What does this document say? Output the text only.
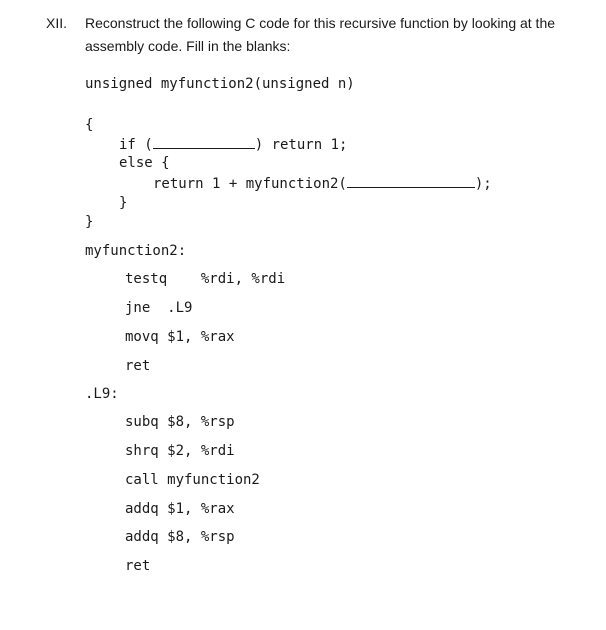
XII. Reconstruct the following C code for this recursive function by looking at the
assembly code. Fill in the blanks:
unsigned myfunction2(unsigned n)
{
if (	) return 1;
else {
return 1 + myfunction2(	);
}
}
myfunction2:
testq    %rdi, %rdi
jne  .L9
movq $1, %rax
ret
.L9:
subq $8, %rsp
shrq $2, %rdi
call myfunction2
addq $1, %rax
addq $8, %rsp
ret
